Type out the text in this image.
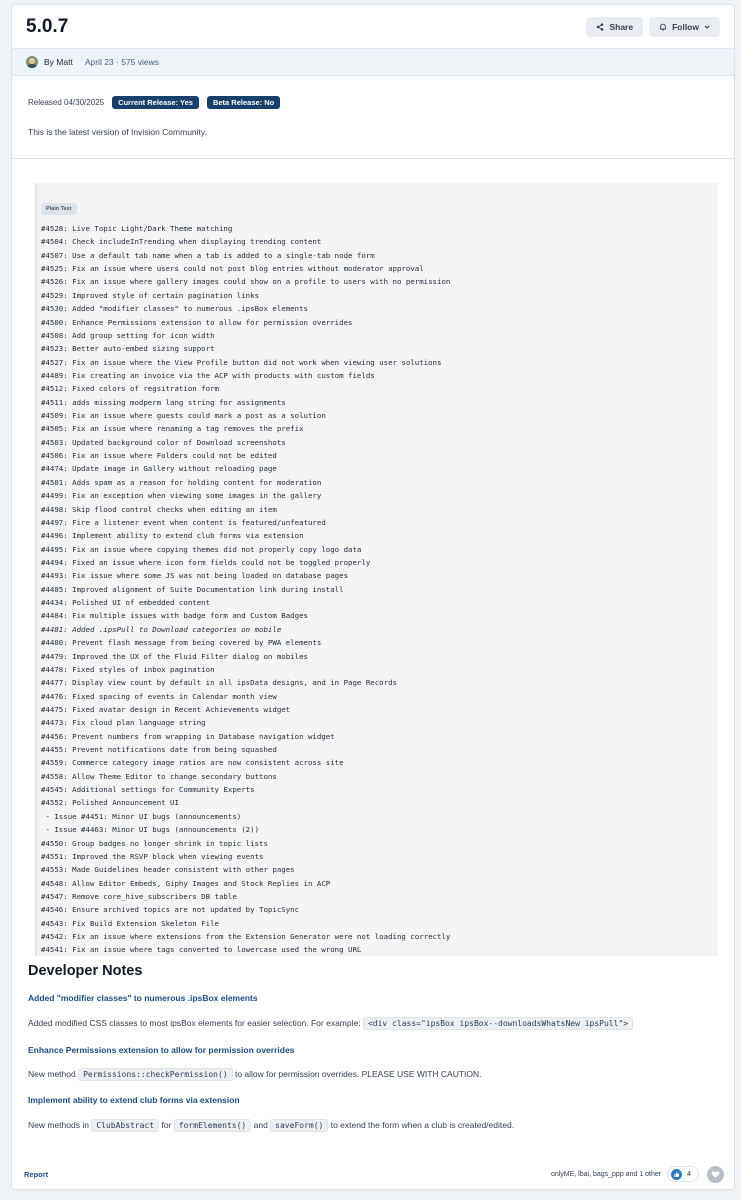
5.0.7	Share	Follow
By Matt April 23 · 575 views
Released 04/30/2025	Current Release: Yes	Beta Release: No

This is the latest version of Invision Community.

Plain Text
#4528: Live Topic Light/Dark Theme matching
#4504: Check includeInTrending when displaying trending content
#4507: Use a default tab name when a tab is added to a single-tab node form
#4525: Fix an issue where users could not post blog entries without moderator approval
#4526: Fix an issue where gallery images could show on a profile to users with no permission
#4529: Improved style of certain pagination links
#4530: Added "modifier classes" to numerous .ipsBox elements
#4500: Enhance Permissions extension to allow for permission overrides
#4508: Add group setting for icon width
#4523: Better auto-embed sizing support
#4527: Fix an issue where the View Profile button did not work when viewing user solutions
#4489: Fix creating an invoice via the ACP with products with custom fields
#4512: Fixed colors of regsitration form
#4511: adds missing modperm lang string for assignments
#4509: Fix an issue where guests could mark a post as a solution
#4505: Fix an issue where renaming a tag removes the prefix
#4503: Updated background color of Download screenshots
#4506: Fix an issue where Folders could not be edited
#4474: Update image in Gallery without reloading page
#4501: Adds spam as a reason for holding content for moderation
#4499: Fix an exception when viewing some images in the gallery
#4498: Skip flood control checks when editing an item
#4497: Fire a listener event when content is featured/unfeatured
#4496: Implement ability to extend club forms via extension
#4495: Fix an issue where copying themes did not properly copy logo data
#4494: Fixed an issue where icon form fields could not be toggled properly
#4493: Fix issue where some JS was not being loaded on database pages
#4485: Improved alignment of Suite Documentation link during install
#4434: Polished UI of embedded content
#4484: Fix multiple issues with badge form and Custom Badges
#4481: Added .ipsPull to Download categories on mobile
#4480: Prevent flash message from being covered by PWA elements
#4479: Improved the UX of the Fluid Filter dialog on mobiles
#4478: Fixed styles of inbox pagination
#4477: Display view count by default in all ipsData designs, and in Page Records
#4476: Fixed spacing of events in Calendar month view
#4475: Fixed avatar design in Recent Achievements widget
#4473: Fix cloud plan language string
#4456: Prevent numbers from wrapping in Database navigation widget
#4455: Prevent notifications date from being squashed
#4559: Commerce category image ratios are now consistent across site
#4558: Allow Theme Editor to change secondary buttons
#4545: Additional settings for Community Experts
#4552: Polished Announcement UI
- Issue #4451: Minor UI bugs (announcements)
- Issue #4463: Minor UI bugs (announcements (2))
#4550: Group badges no longer shrink in topic lists
#4551: Improved the RSVP block when viewing events
#4553: Made Guidelines header consistent with other pages
#4548: Allow Editor Embeds, Giphy Images and Stock Replies in ACP
#4547: Remove core_hive_subscribers DB table
#4546: Ensure archived topics are not updated by TopicSync
#4543: Fix Build Extension Skeleton File
#4542: Fix an issue where extensions from the Extension Generator were not loading correctly
#4541: Fix an issue where tags converted to lowercase used the wrong URL
Developer Notes
Added "modifier classes" to numerous .ipsBox elements

Added modified CSS classes to most ipsBox elements for easier selection. For example: <div class="ipsBox ipsBox--downloadsWhatsNew ipsPull">

Enhance Permissions extension to allow for permission overrides

New method Permissions::checkPermission() to allow for permission overrides. PLEASE USE WITH CAUTION.

Implement ability to extend club forms via extension

New methods in ClubAbstract for formElements() and saveForm() to extend the form when a club is created/edited.

Report	onlyME, lbai, bags_ppp and 1 other	4
